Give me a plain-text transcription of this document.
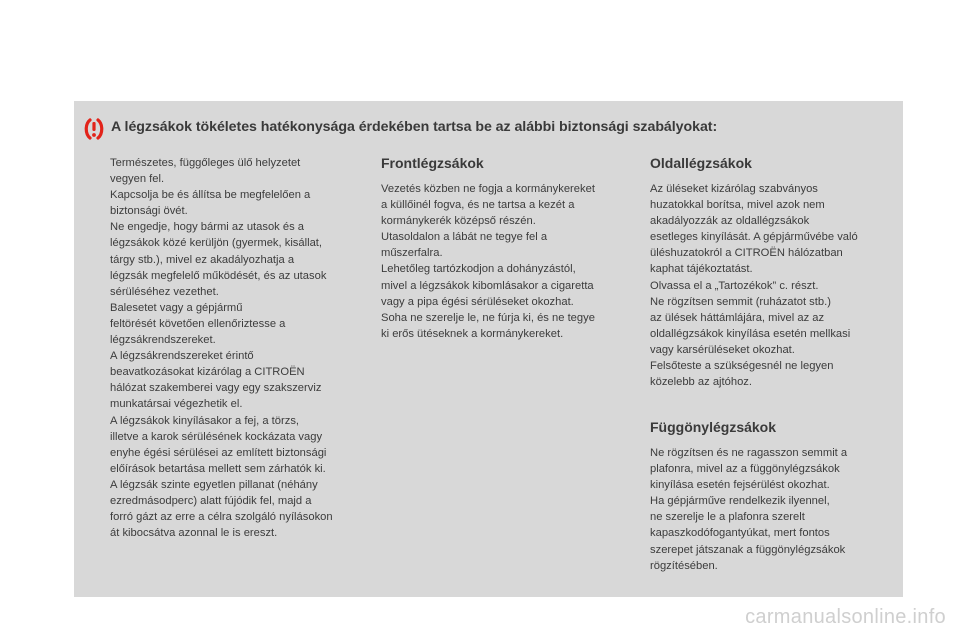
A légzsákok tökéletes hatékonysága érdekében tartsa be az alábbi biztonsági szabályokat:
Természetes, függőleges ülő helyzetet
vegyen fel.
Kapcsolja be és állítsa be megfelelően a
biztonsági övét.
Ne engedje, hogy bármi az utasok és a
légzsákok közé kerüljön (gyermek, kisállat,
tárgy stb.), mivel ez akadályozhatja a
légzsák megfelelő működését, és az utasok
sérüléséhez vezethet.
Balesetet vagy a gépjármű
feltörését követően ellenőriztesse a
légzsákrendszereket.
A légzsákrendszereket érintő
beavatkozásokat kizárólag a CITROËN
hálózat szakemberei vagy egy szakszerviz
munkatársai végezhetik el.
A légzsákok kinyílásakor a fej, a törzs,
illetve a karok sérülésének kockázata vagy
enyhe égési sérülései az említett biztonsági
előírások betartása mellett sem zárhatók ki.
A légzsák szinte egyetlen pillanat (néhány
ezredmásodperc) alatt fújódik fel, majd a
forró gázt az erre a célra szolgáló nyílásokon
át kibocsátva azonnal le is ereszt.
Frontlégzsákok
Vezetés közben ne fogja a kormánykereket
a küllőinél fogva, és ne tartsa a kezét a
kormánykerék középső részén.
Utasoldalon a lábát ne tegye fel a
műszerfalra.
Lehetőleg tartózkodjon a dohányzástól,
mivel a légzsákok kibomlásakor a cigaretta
vagy a pipa égési sérüléseket okozhat.
Soha ne szerelje le, ne fúrja ki, és ne tegye
ki erős ütéseknek a kormánykereket.
Oldallégzsákok
Az üléseket kizárólag szabványos
huzatokkal borítsa, mivel azok nem
akadályozzák az oldallégzsákok
esetleges kinyílását. A gépjárművébe való
üléshuzatokról a CITROËN hálózatban
kaphat tájékoztatást.
Olvassa el a „Tartozékok” c. részt.
Ne rögzítsen semmit (ruházatot stb.)
az ülések háttámlájára, mivel az az
oldallégzsákok kinyílása esetén mellkasi
vagy karsérüléseket okozhat.
Felsőteste a szükségesnél ne legyen
közelebb az ajtóhoz.
Függönylégzsákok
Ne rögzítsen és ne ragasszon semmit a
plafonra, mivel az a függönylégzsákok
kinyílása esetén fejsérülést okozhat.
Ha gépjárműve rendelkezik ilyennel,
ne szerelje le a plafonra szerelt
kapaszkodófogantyúkat, mert fontos
szerepet játszanak a függönylégzsákok
rögzítésében.
carmanualsonline.info
